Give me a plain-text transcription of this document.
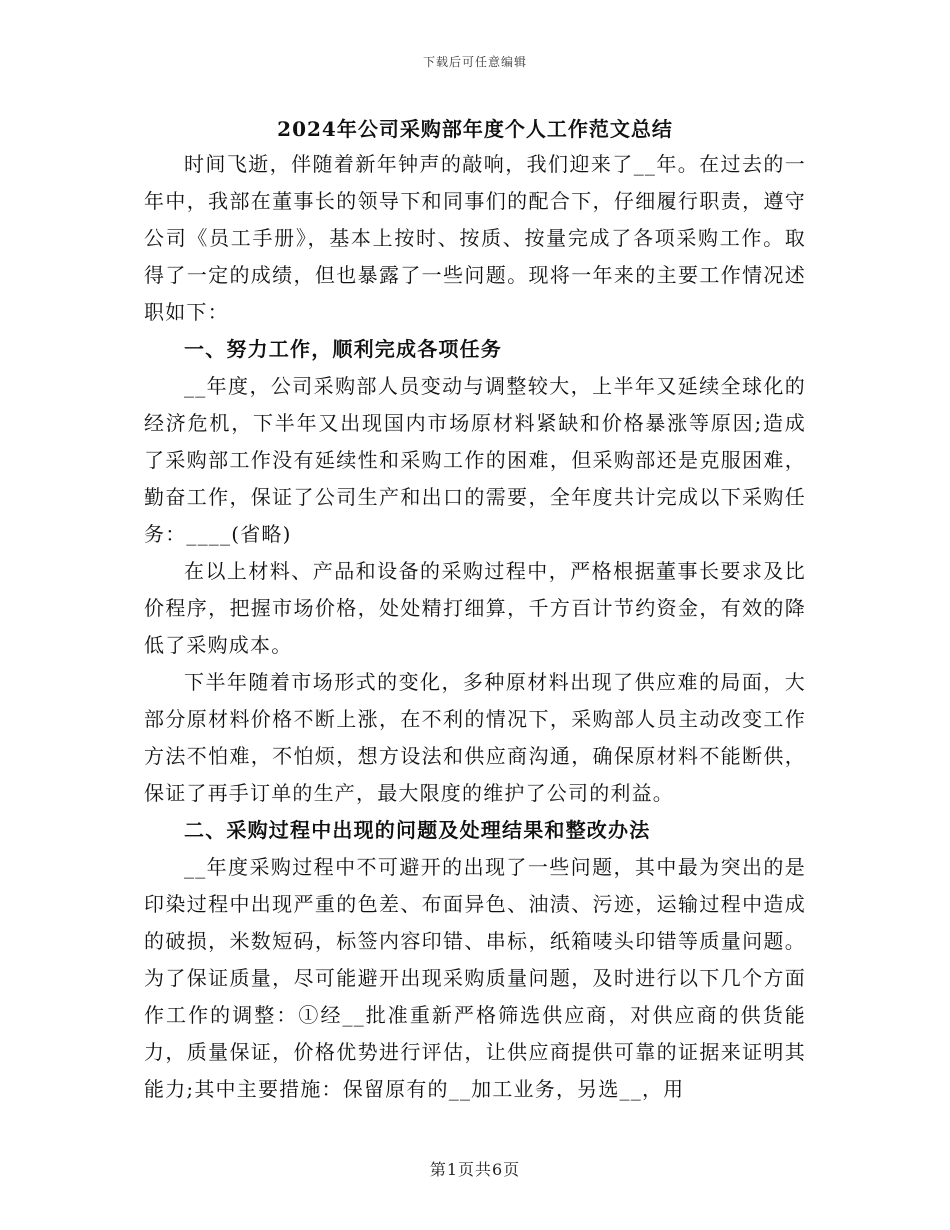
下载后可任意编辑
2024年公司采购部年度个人工作范文总结

时间飞逝，伴随着新年钟声的敲响，我们迎来了__年。在过去的一年中，我部在董事长的领导下和同事们的配合下，仔细履行职责，遵守公司《员工手册》，基本上按时、按质、按量完成了各项采购工作。取得了一定的成绩，但也暴露了一些问题。现将一年来的主要工作情况述职如下：

一、努力工作，顺利完成各项任务

__年度，公司采购部人员变动与调整较大，上半年又延续全球化的经济危机，下半年又出现国内市场原材料紧缺和价格暴涨等原因;造成了采购部工作没有延续性和采购工作的困难，但采购部还是克服困难，勤奋工作，保证了公司生产和出口的需要，全年度共计完成以下采购任务：____(省略)

在以上材料、产品和设备的采购过程中，严格根据董事长要求及比价程序，把握市场价格，处处精打细算，千方百计节约资金，有效的降低了采购成本。

下半年随着市场形式的变化，多种原材料出现了供应难的局面，大部分原材料价格不断上涨，在不利的情况下，采购部人员主动改变工作方法不怕难，不怕烦，想方设法和供应商沟通，确保原材料不能断供，保证了再手订单的生产，最大限度的维护了公司的利益。

二、采购过程中出现的问题及处理结果和整改办法

__年度采购过程中不可避开的出现了一些问题，其中最为突出的是印染过程中出现严重的色差、布面异色、油渍、污迹，运输过程中造成的破损，米数短码，标签内容印错、串标，纸箱唛头印错等质量问题。为了保证质量，尽可能避开出现采购质量问题，及时进行以下几个方面作工作的调整：①经__批准重新严格筛选供应商，对供应商的供货能力，质量保证，价格优势进行评估，让供应商提供可靠的证据来证明其能力;其中主要措施：保留原有的__加工业务，另选__，用

第1页共6页
